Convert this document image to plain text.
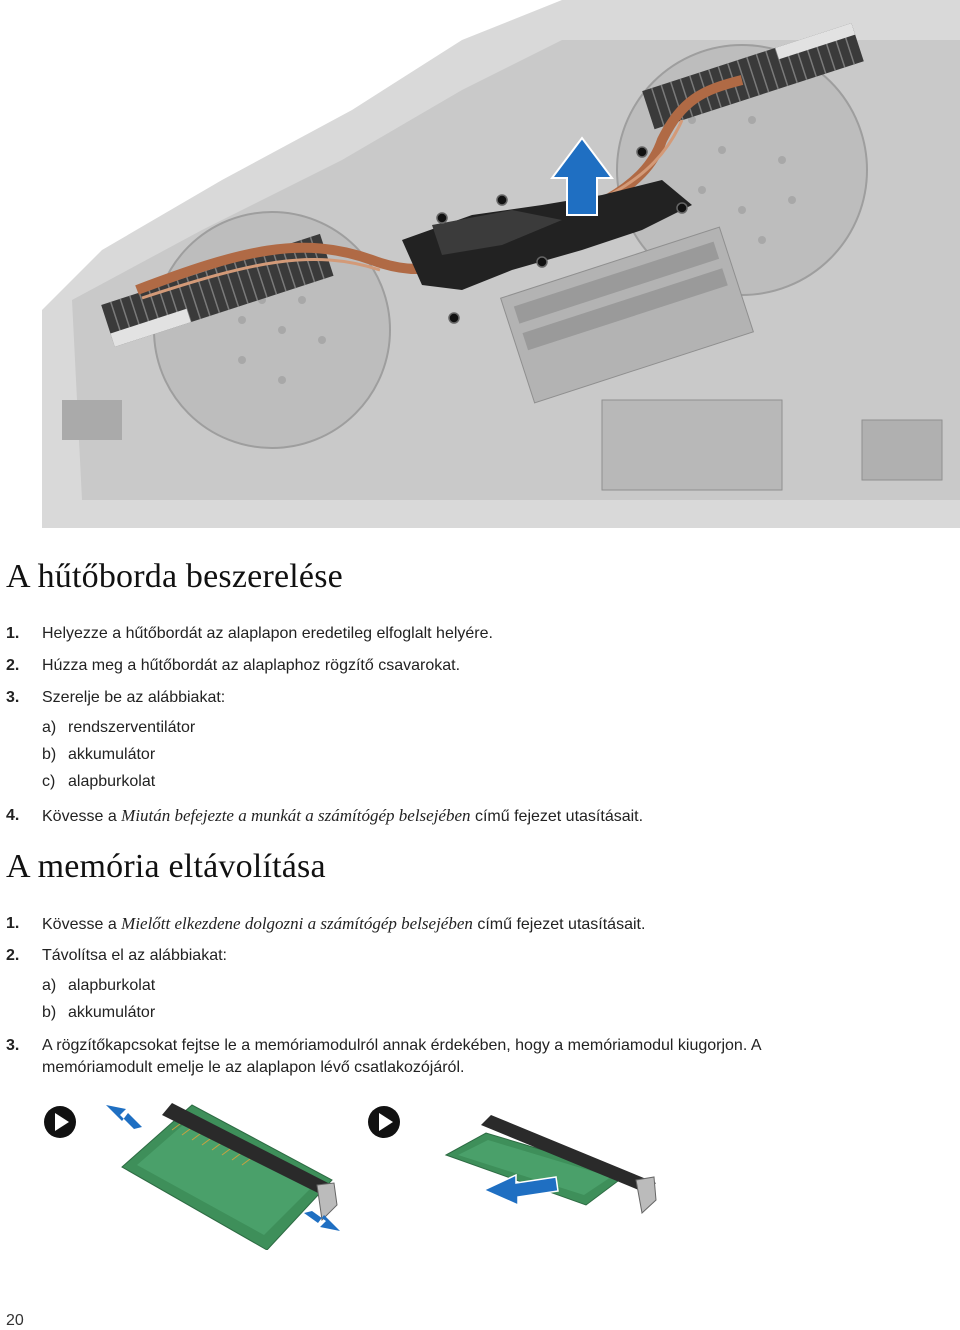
A hűtőborda beszerelése
1. Helyezze a hűtőbordát az alaplapon eredetileg elfoglalt helyére.
2. Húzza meg a hűtőbordát az alaplaphoz rögzítő csavarokat.
3. Szerelje be az alábbiakat:
a) rendszerventilátor
b) akkumulátor
c) alapburkolat
4. Kövesse a Miután befejezte a munkát a számítógép belsejében című fejezet utasításait.
A memória eltávolítása
1. Kövesse a Mielőtt elkezdene dolgozni a számítógép belsejében című fejezet utasításait.
2. Távolítsa el az alábbiakat:
a) alapburkolat
b) akkumulátor
3. A rögzítőkapcsokat fejtse le a memóriamodulról annak érdekében, hogy a memóriamodul kiugorjon. A
memóriamodult emelje le az alaplapon lévő csatlakozójáról.
20
